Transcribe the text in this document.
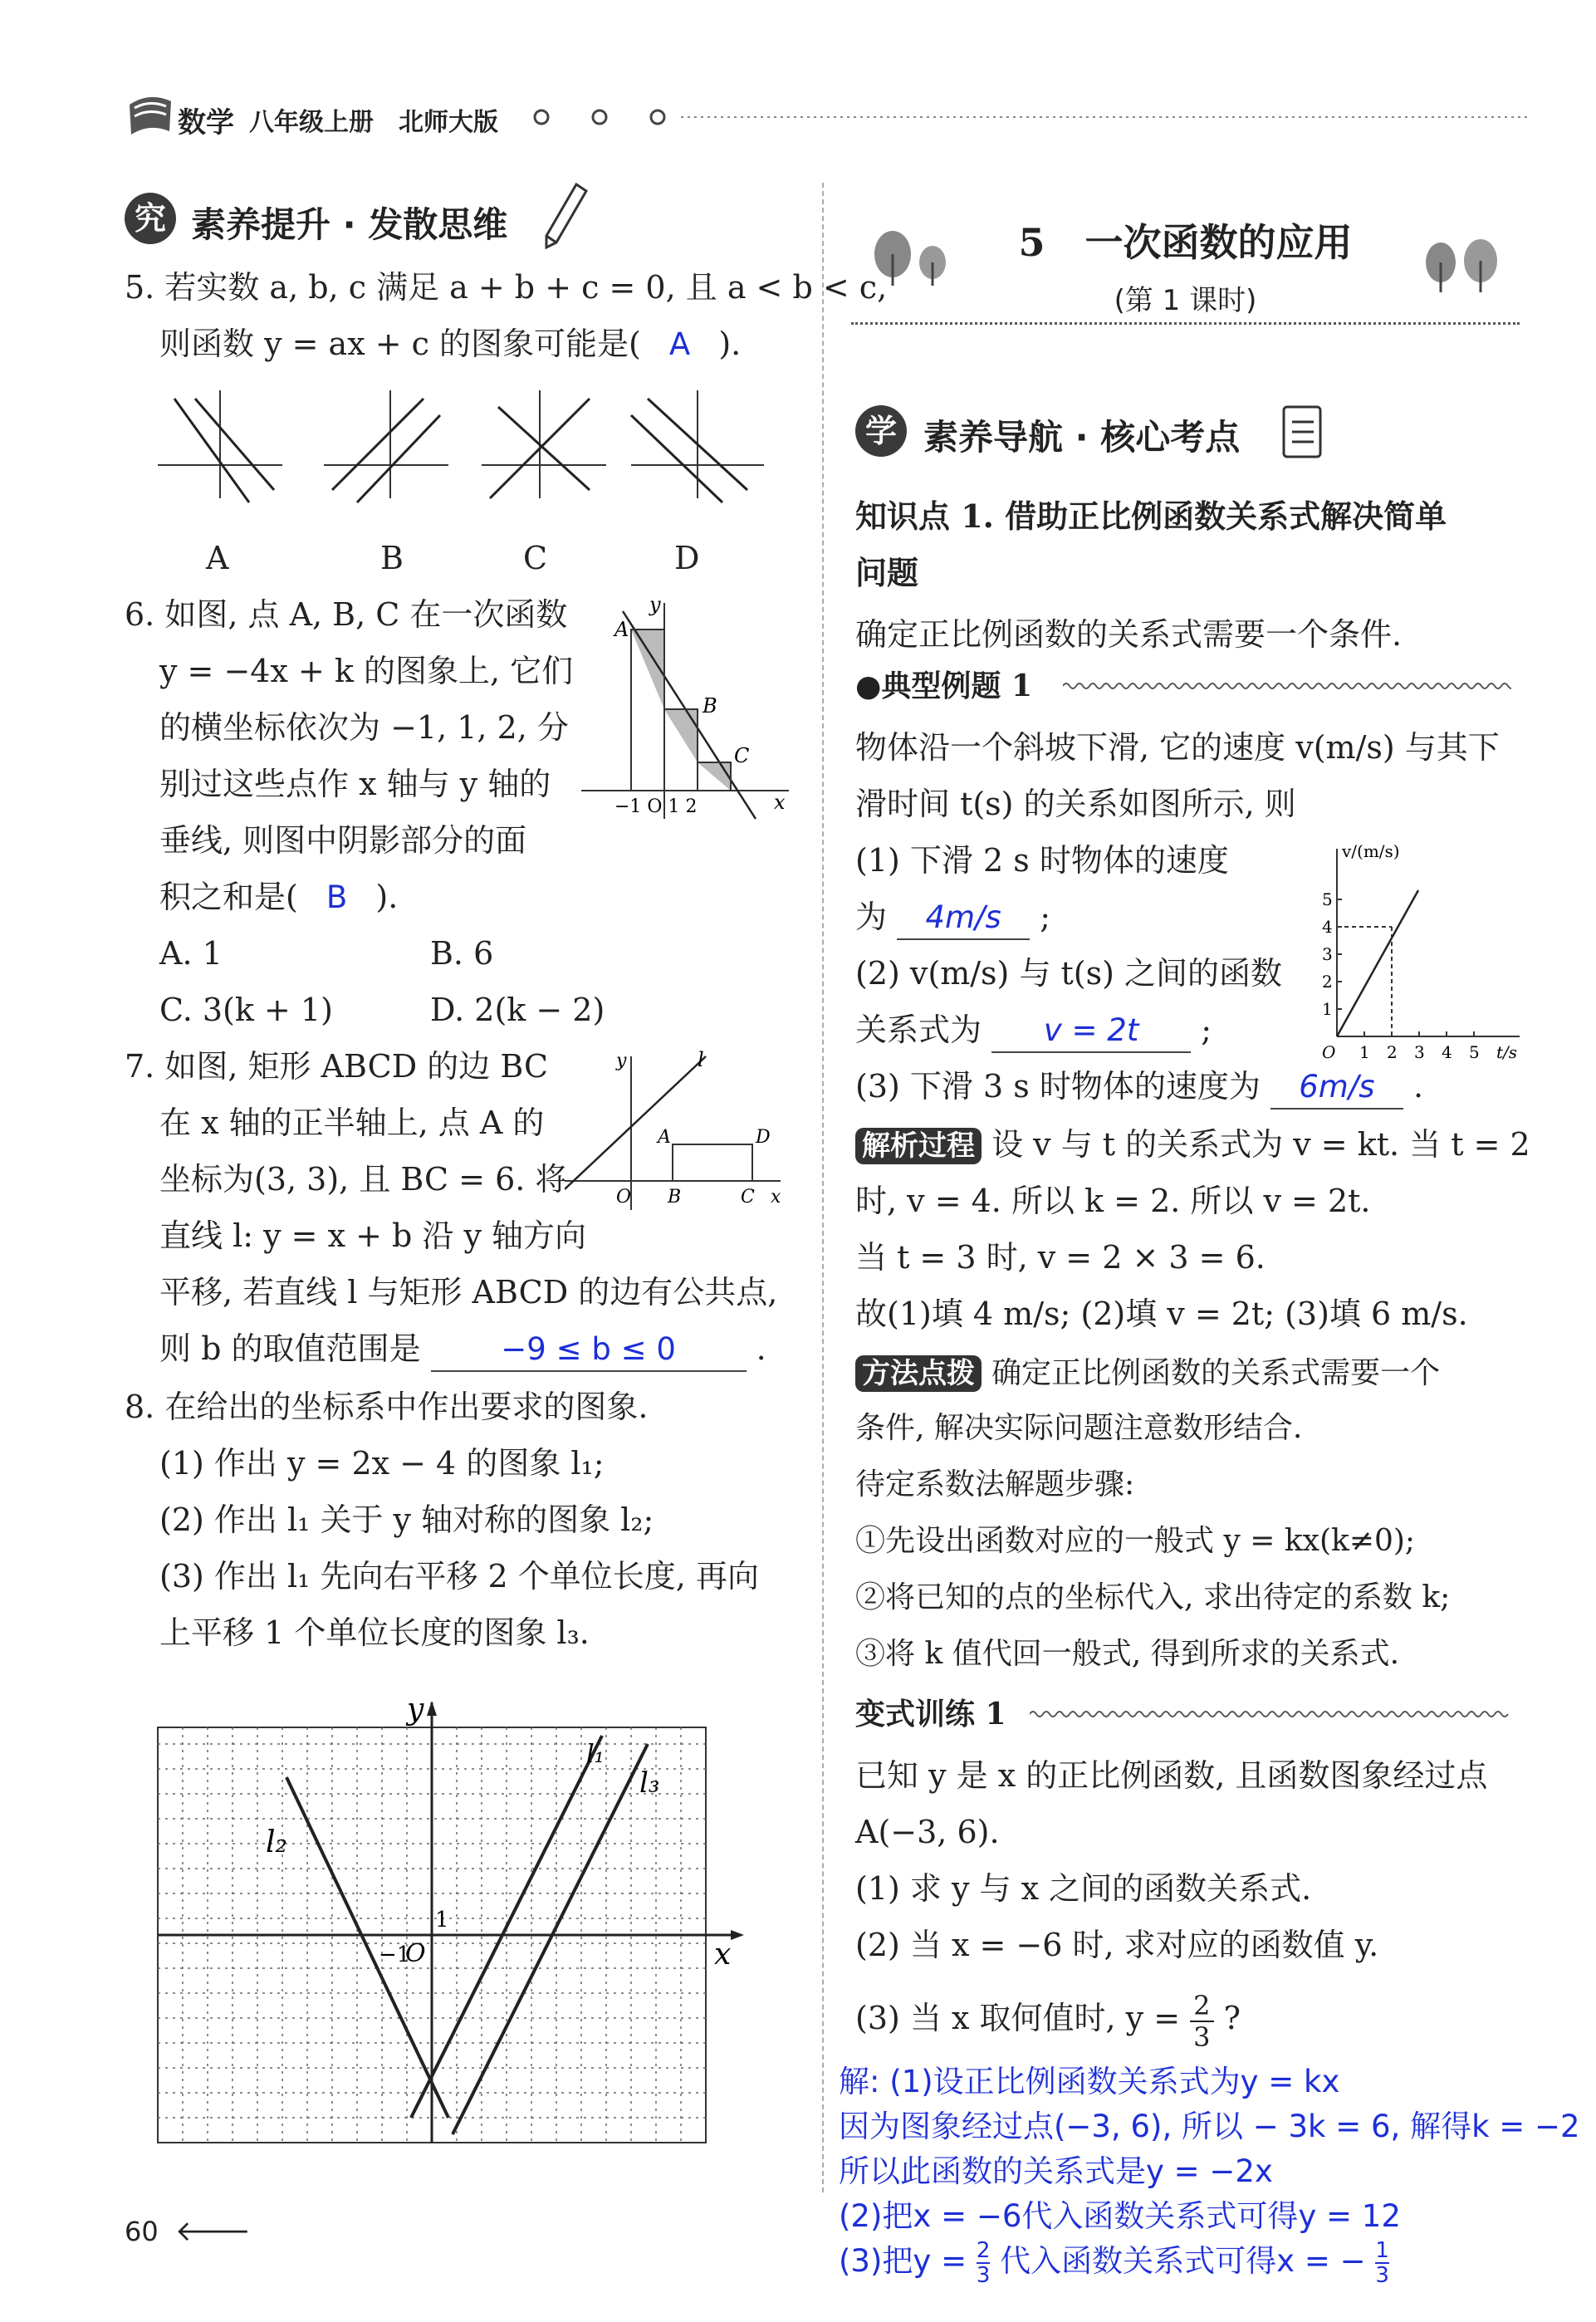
数学 八年级上册 北师大版
究 素养提升 · 发散思维
5. 若实数 a, b, c 满足 a + b + c = 0, 且 a < b < c,
则函数 y = ax + c 的图象可能是( A ).
A	B	C	D
6. 如图, 点 A, B, C 在一次函数
y = −4x + k 的图象上, 它们
的横坐标依次为 −1, 1, 2, 分
别过这些点作 x 轴与 y 轴的
垂线, 则图中阴影部分的面
积之和是( B ).
A. 1	B. 6
C. 3(k + 1)	D. 2(k − 2)
A
B
C
y
x
−1 O 1 2
7. 如图, 矩形 ABCD 的边 BC
在 x 轴的正半轴上, 点 A 的
坐标为(3, 3), 且 BC = 6. 将
直线 l: y = x + b 沿 y 轴方向
平移, 若直线 l 与矩形 ABCD 的边有公共点,
则 b 的取值范围是	−9 ≤ b ≤ 0	.
l
A	D
B	C
O	x
y
8. 在给出的坐标系中作出要求的图象.
(1) 作出 y = 2x − 4 的图象 l₁;
(2) 作出 l₁ 关于 y 轴对称的图象 l₂;
(3) 作出 l₁ 先向右平移 2 个单位长度, 再向
上平移 1 个单位长度的图象 l₃.
y
x
O
1
−1
l₂
l₁
l₃
60 🡐
5 一次函数的应用
(第 1 课时)
学 素养导航 · 核心考点
知识点 1. 借助正比例函数关系式解决简单
问题
确定正比例函数的关系式需要一个条件.
●典型例题 1
物体沿一个斜坡下滑, 它的速度 v(m/s) 与其下
滑时间 t(s) 的关系如图所示, 则
(1) 下滑 2 s 时物体的速度
为 4m/s ;
(2) v(m/s) 与 t(s) 之间的函数
关系式为 v = 2t ;
(3) 下滑 3 s 时物体的速度为 6m/s .
1
2
3
4
5
1 2 3 4 5
v/(m/s)
t/s
O
解析过程 设 v 与 t 的关系式为 v = kt. 当 t = 2
时, v = 4. 所以 k = 2. 所以 v = 2t.
当 t = 3 时, v = 2 × 3 = 6.
故(1)填 4 m/s; (2)填 v = 2t; (3)填 6 m/s.
方法点拨 确定正比例函数的关系式需要一个
条件, 解决实际问题注意数形结合.
待定系数法解题步骤:
①先设出函数对应的一般式 y = kx(k≠0);
②将已知的点的坐标代入, 求出待定的系数 k;
③将 k 值代回一般式, 得到所求的关系式.
变式训练 1
已知 y 是 x 的正比例函数, 且函数图象经过点
A(−3, 6).
(1) 求 y 与 x 之间的函数关系式.
(2) 当 x = −6 时, 求对应的函数值 y.
(3) 当 x 取何值时, $y = \frac{2}{3}$ ?
解: (1)设正比例函数关系式为y = kx
因为图象经过点(−3, 6), 所以 − 3k = 6, 解得k = −2
所以此函数的关系式是y = −2x
(2)把x = −6代入函数关系式可得y = 12
(3)把$y = \frac{2}{3}$ 代入函数关系式可得x = − $\frac{1}{3}$
